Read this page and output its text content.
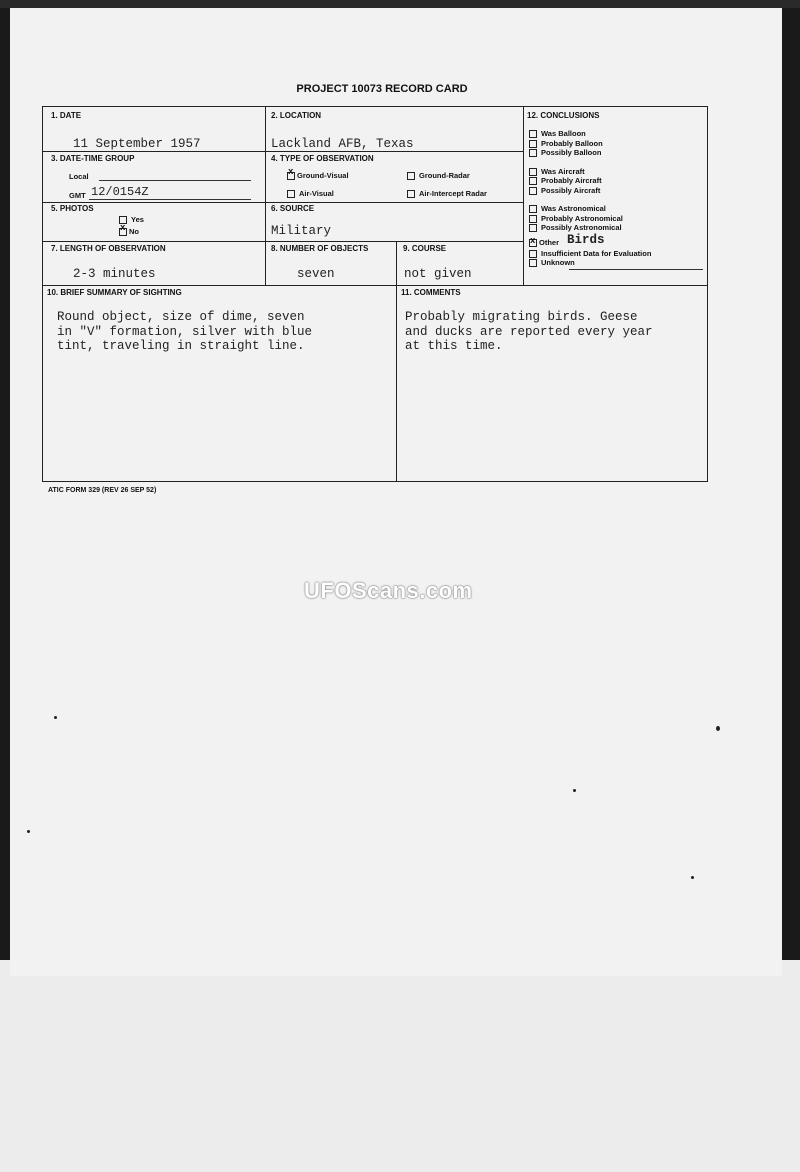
PROJECT 10073 RECORD CARD
1. DATE
11 September 1957
2. LOCATION
Lackland AFB, Texas
3. DATE-TIME GROUP
Local
GMT 12/0154Z
4. TYPE OF OBSERVATION
xGround-Visual	Ground-Radar
Air-Visual	Air-Intercept Radar
5. PHOTOS
Yes
xNo
6. SOURCE
Military
7. LENGTH OF OBSERVATION
2-3 minutes
8. NUMBER OF OBJECTS
seven
9. COURSE
not given
12. CONCLUSIONS
Was Balloon
Probably Balloon
Possibly Balloon
Was Aircraft
Probably Aircraft
Possibly Aircraft
Was Astronomical
Probably Astronomical
Possibly Astronomical
xOther Birds
Insufficient Data for Evaluation
Unknown
10. BRIEF SUMMARY OF SIGHTING
Round object, size of dime, seven
in "V" formation, silver with blue
tint, traveling in straight line.
11. COMMENTS
Probably migrating birds. Geese
and ducks are reported every year
at this time.
ATIC FORM 329 (REV 26 SEP 52)
UFOScans.com
